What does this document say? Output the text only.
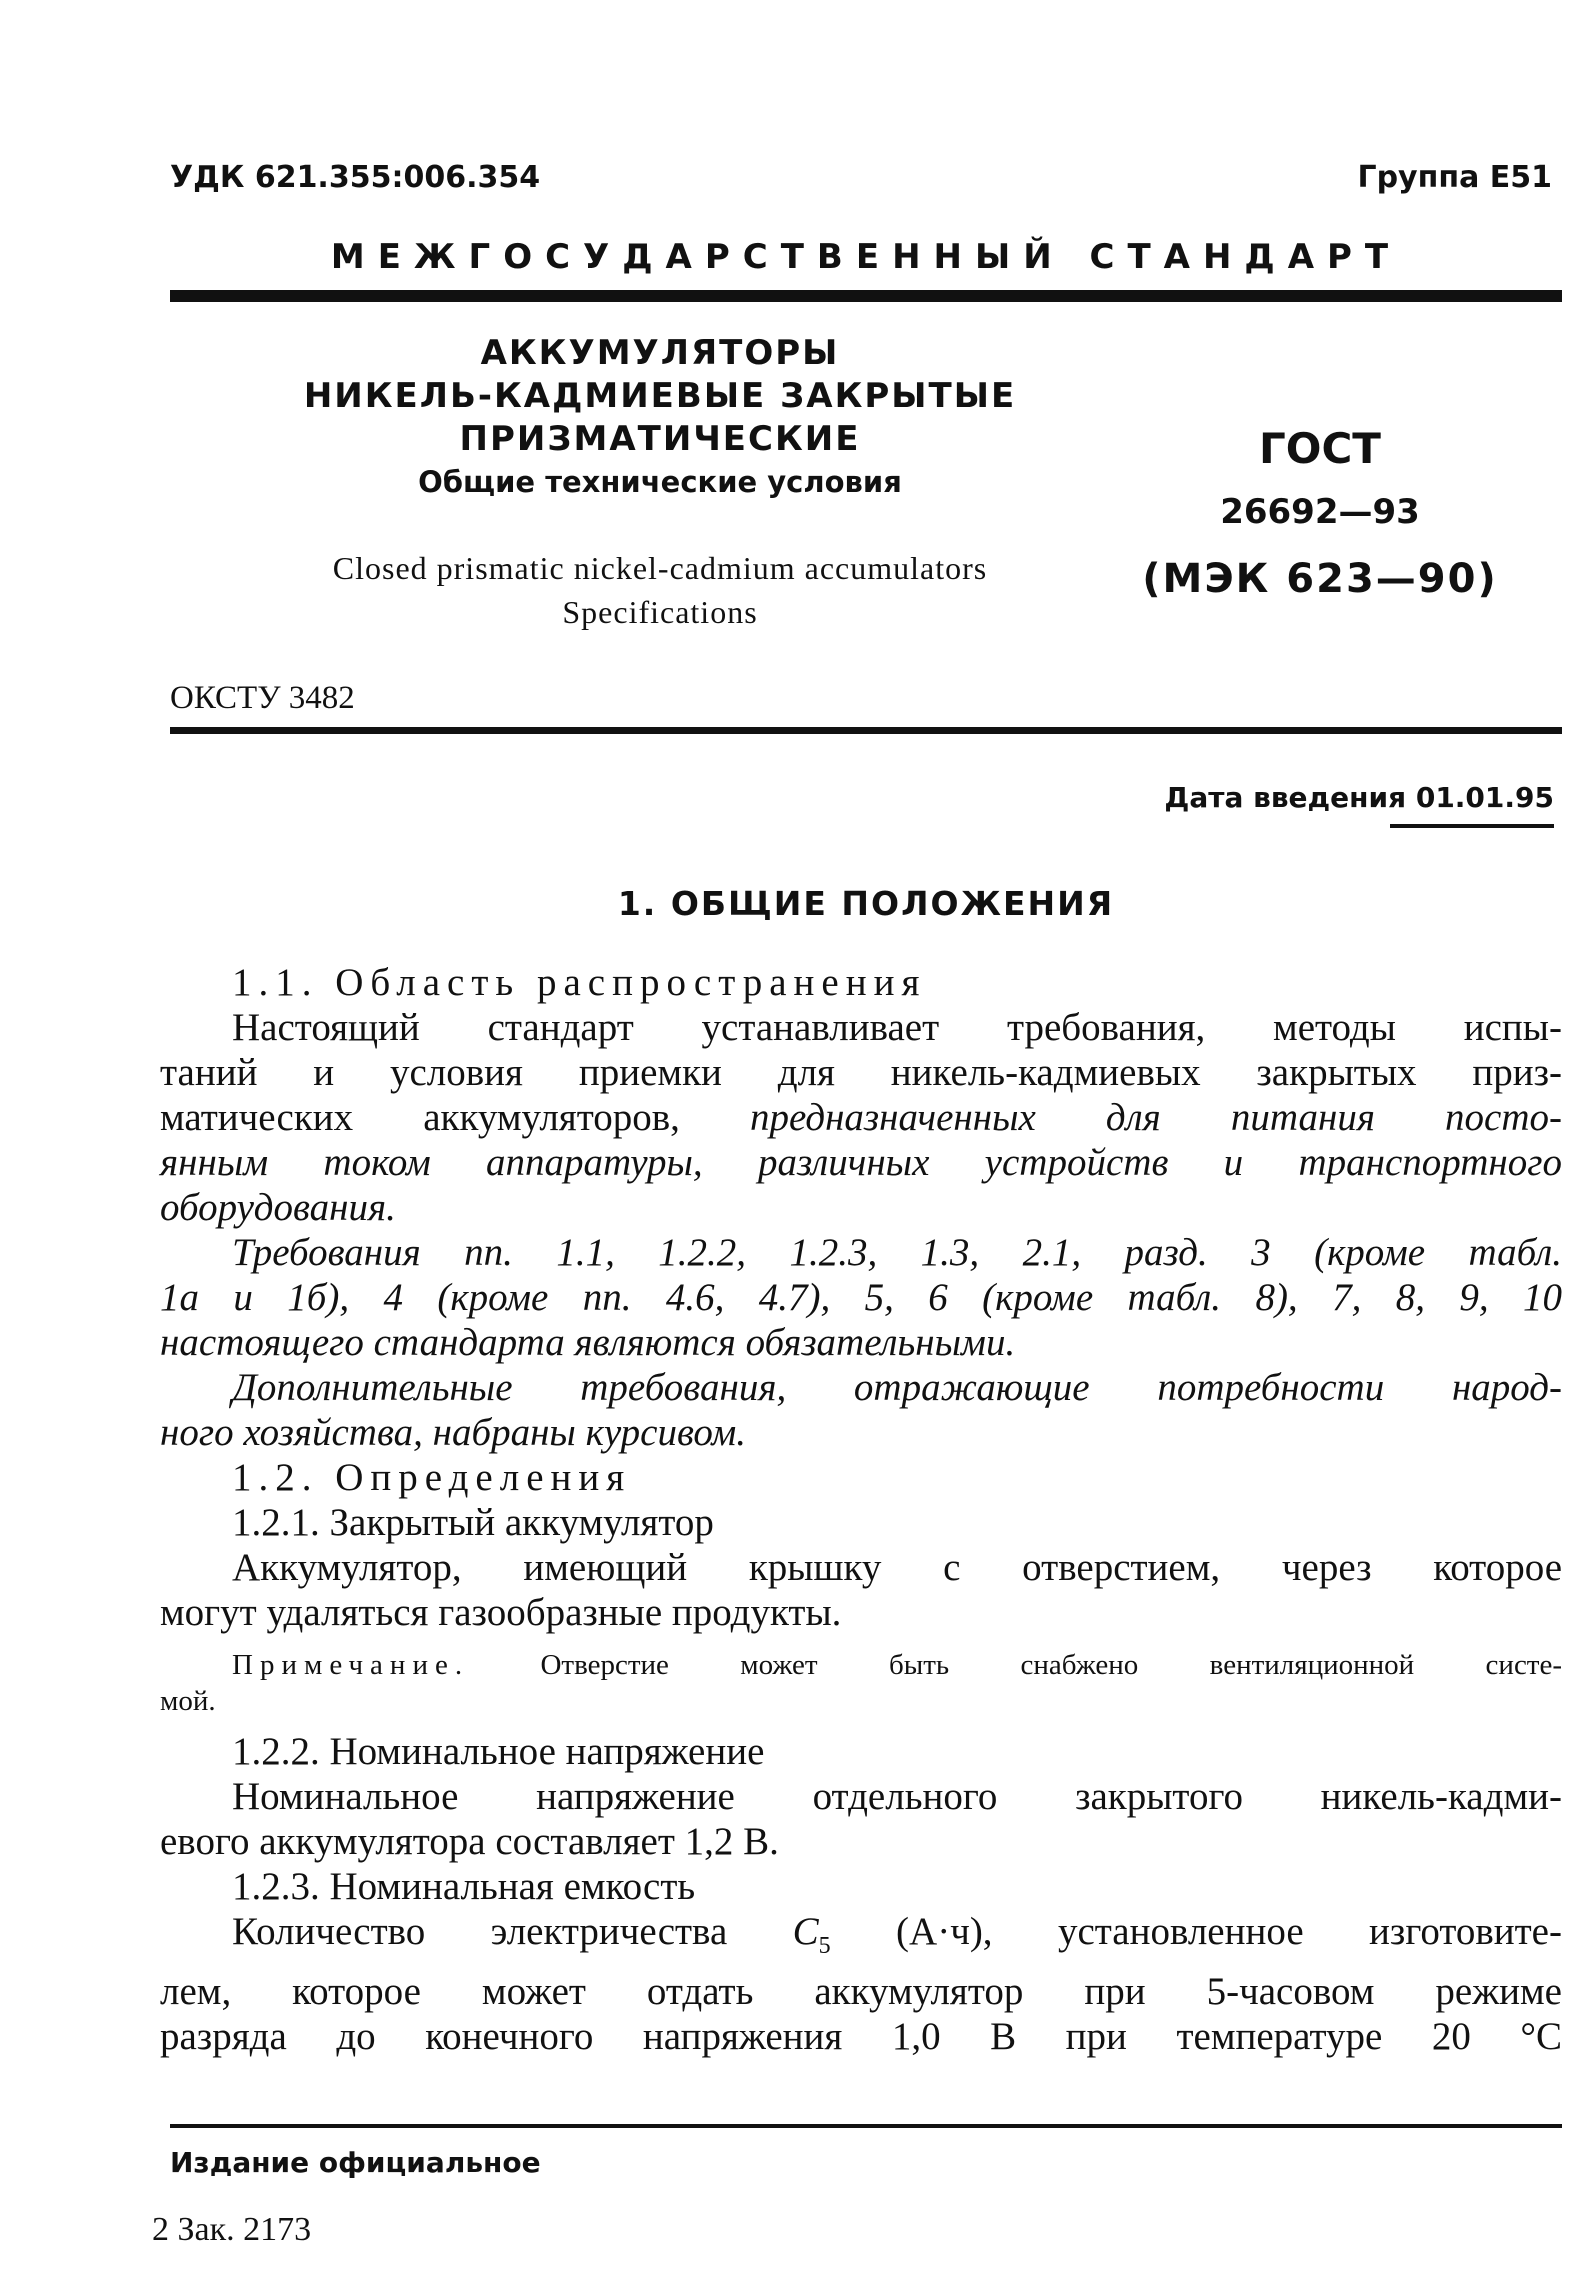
УДК 621.355:006.354	Группа Е51
МЕЖГОСУДАРСТВЕННЫЙ СТАНДАРТ
АККУМУЛЯТОРЫ
НИКЕЛЬ-КАДМИЕВЫЕ ЗАКРЫТЫЕ
ПРИЗМАТИЧЕСКИЕ
Общие технические условия
Closed prismatic nickel-cadmium accumulators
Specifications
ГОСТ
26692—93
(МЭК 623—90)
ОКСТУ 3482
Дата введения 01.01.95
1. ОБЩИЕ ПОЛОЖЕНИЯ
1.1. Область распространения
Настоящий стандарт устанавливает требования, методы испы-
таний и условия приемки для никель-кадмиевых закрытых приз-
матических аккумуляторов, предназначенных для питания посто-
янным током аппаратуры, различных устройств и транспортного
оборудования.
Требования пп. 1.1, 1.2.2, 1.2.3, 1.3, 2.1, разд. 3 (кроме табл.
1а и 1б), 4 (кроме пп. 4.6, 4.7), 5, 6 (кроме табл. 8), 7, 8, 9, 10
настоящего стандарта являются обязательными.
Дополнительные требования, отражающие потребности народ-
ного хозяйства, набраны курсивом.
1.2. Определения
1.2.1. Закрытый аккумулятор
Аккумулятор, имеющий крышку с отверстием, через которое
могут удаляться газообразные продукты.
Примечание. Отверстие может быть снабжено вентиляционной систе-
мой.
1.2.2. Номинальное напряжение
Номинальное напряжение отдельного закрытого никель-кадми-
евого аккумулятора составляет 1,2 В.
1.2.3. Номинальная емкость
Количество электричества $C_5$ (А·ч), установленное изготовите-
лем, которое может отдать аккумулятор при 5-часовом режиме
разряда до конечного напряжения 1,0 В при температуре 20 °С
Издание официальное
2 Зак. 2173
